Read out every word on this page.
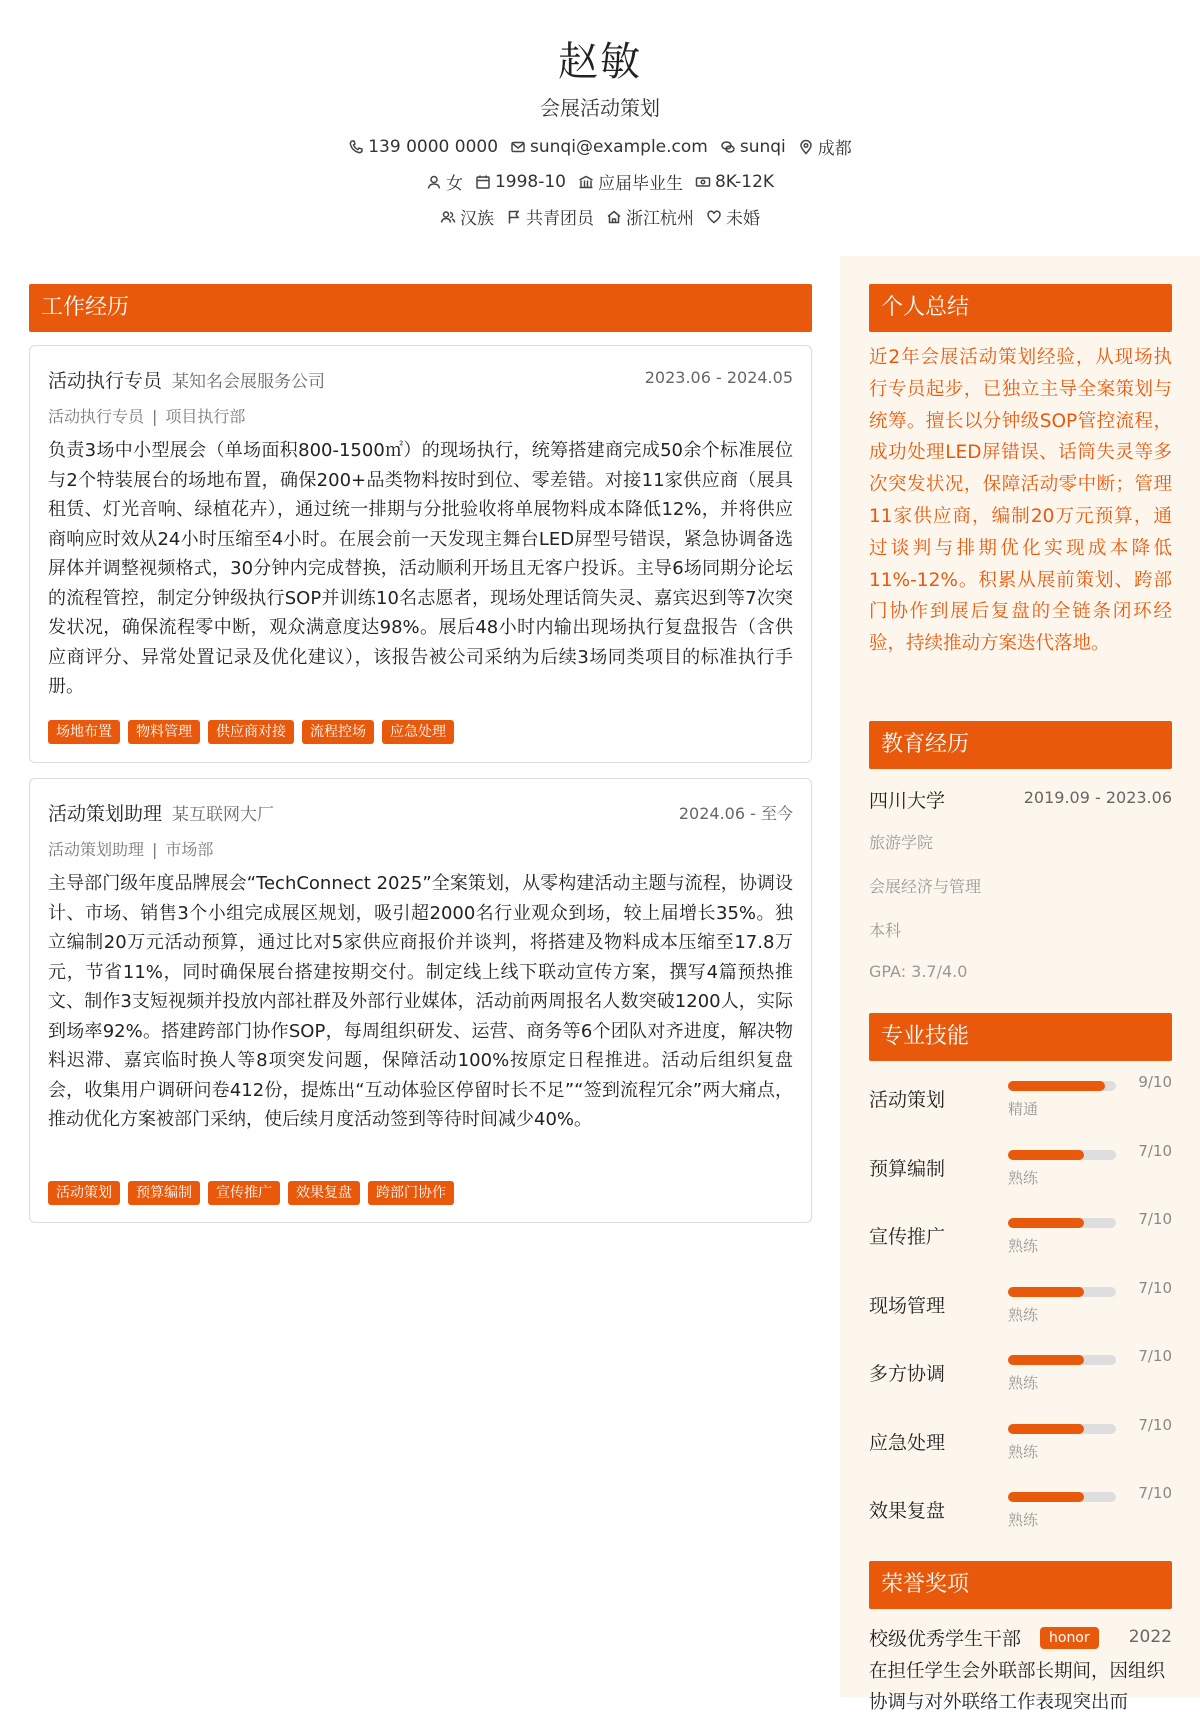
赵敏
会展活动策划
139 0000 0000 sunqi@example.com sunqi 成都
女 1998-10 应届毕业生 8K-12K
汉族 共青团员 浙江杭州 未婚
工作经历
活动执行专员 某知名会展服务公司	2023.06 - 2024.05
活动执行专员 | 项目执行部
负责3场中小型展会（单场面积800-1500㎡）的现场执行，统筹搭建商完成50余个标准展位与2个特装展台的场地布置，确保200+品类物料按时到位、零差错。对接11家供应商（展具租赁、灯光音响、绿植花卉），通过统一排期与分批验收将单展物料成本降低12%，并将供应商响应时效从24小时压缩至4小时。在展会前一天发现主舞台LED屏型号错误，紧急协调备选屏体并调整视频格式，30分钟内完成替换，活动顺利开场且无客户投诉。主导6场同期分论坛的流程管控，制定分钟级执行SOP并训练10名志愿者，现场处理话筒失灵、嘉宾迟到等7次突发状况，确保流程零中断，观众满意度达98%。展后48小时内输出现场执行复盘报告（含供应商评分、异常处置记录及优化建议），该报告被公司采纳为后续3场同类项目的标准执行手册。
场地布置	物料管理	供应商对接	流程控场	应急处理
活动策划助理 某互联网大厂	2024.06 - 至今
活动策划助理 | 市场部
主导部门级年度品牌展会“TechConnect 2025”全案策划，从零构建活动主题与流程，协调设计、市场、销售3个小组完成展区规划，吸引超2000名行业观众到场，较上届增长35%。独立编制20万元活动预算，通过比对5家供应商报价并谈判，将搭建及物料成本压缩至17.8万元，节省11%，同时确保展台搭建按期交付。制定线上线下联动宣传方案，撰写4篇预热推文、制作3支短视频并投放内部社群及外部行业媒体，活动前两周报名人数突破1200人，实际到场率92%。搭建跨部门协作SOP，每周组织研发、运营、商务等6个团队对齐进度，解决物料迟滞、嘉宾临时换人等8项突发问题，保障活动100%按原定日程推进。活动后组织复盘会，收集用户调研问卷412份，提炼出“互动体验区停留时长不足”“签到流程冗余”两大痛点，推动优化方案被部门采纳，使后续月度活动签到等待时间减少40%。
活动策划	预算编制	宣传推广	效果复盘	跨部门协作
个人总结
近2年会展活动策划经验，从现场执行专员起步，已独立主导全案策划与统筹。擅长以分钟级SOP管控流程，成功处理LED屏错误、话筒失灵等多次突发状况，保障活动零中断；管理11家供应商，编制20万元预算，通过谈判与排期优化实现成本降低11%-12%。积累从展前策划、跨部门协作到展后复盘的全链条闭环经验，持续推动方案迭代落地。
教育经历
四川大学	2019.09 - 2023.06
旅游学院
会展经济与管理
本科
GPA: 3.7/4.0
专业技能
活动策划
9/10
精通
预算编制
7/10
熟练
宣传推广
7/10
熟练
现场管理
7/10
熟练
多方协调
7/10
熟练
应急处理
7/10
熟练
效果复盘
7/10
熟练
荣誉奖项
校级优秀学生干部	honor	2022
在担任学生会外联部长期间，因组织协调与对外联络工作表现突出而
